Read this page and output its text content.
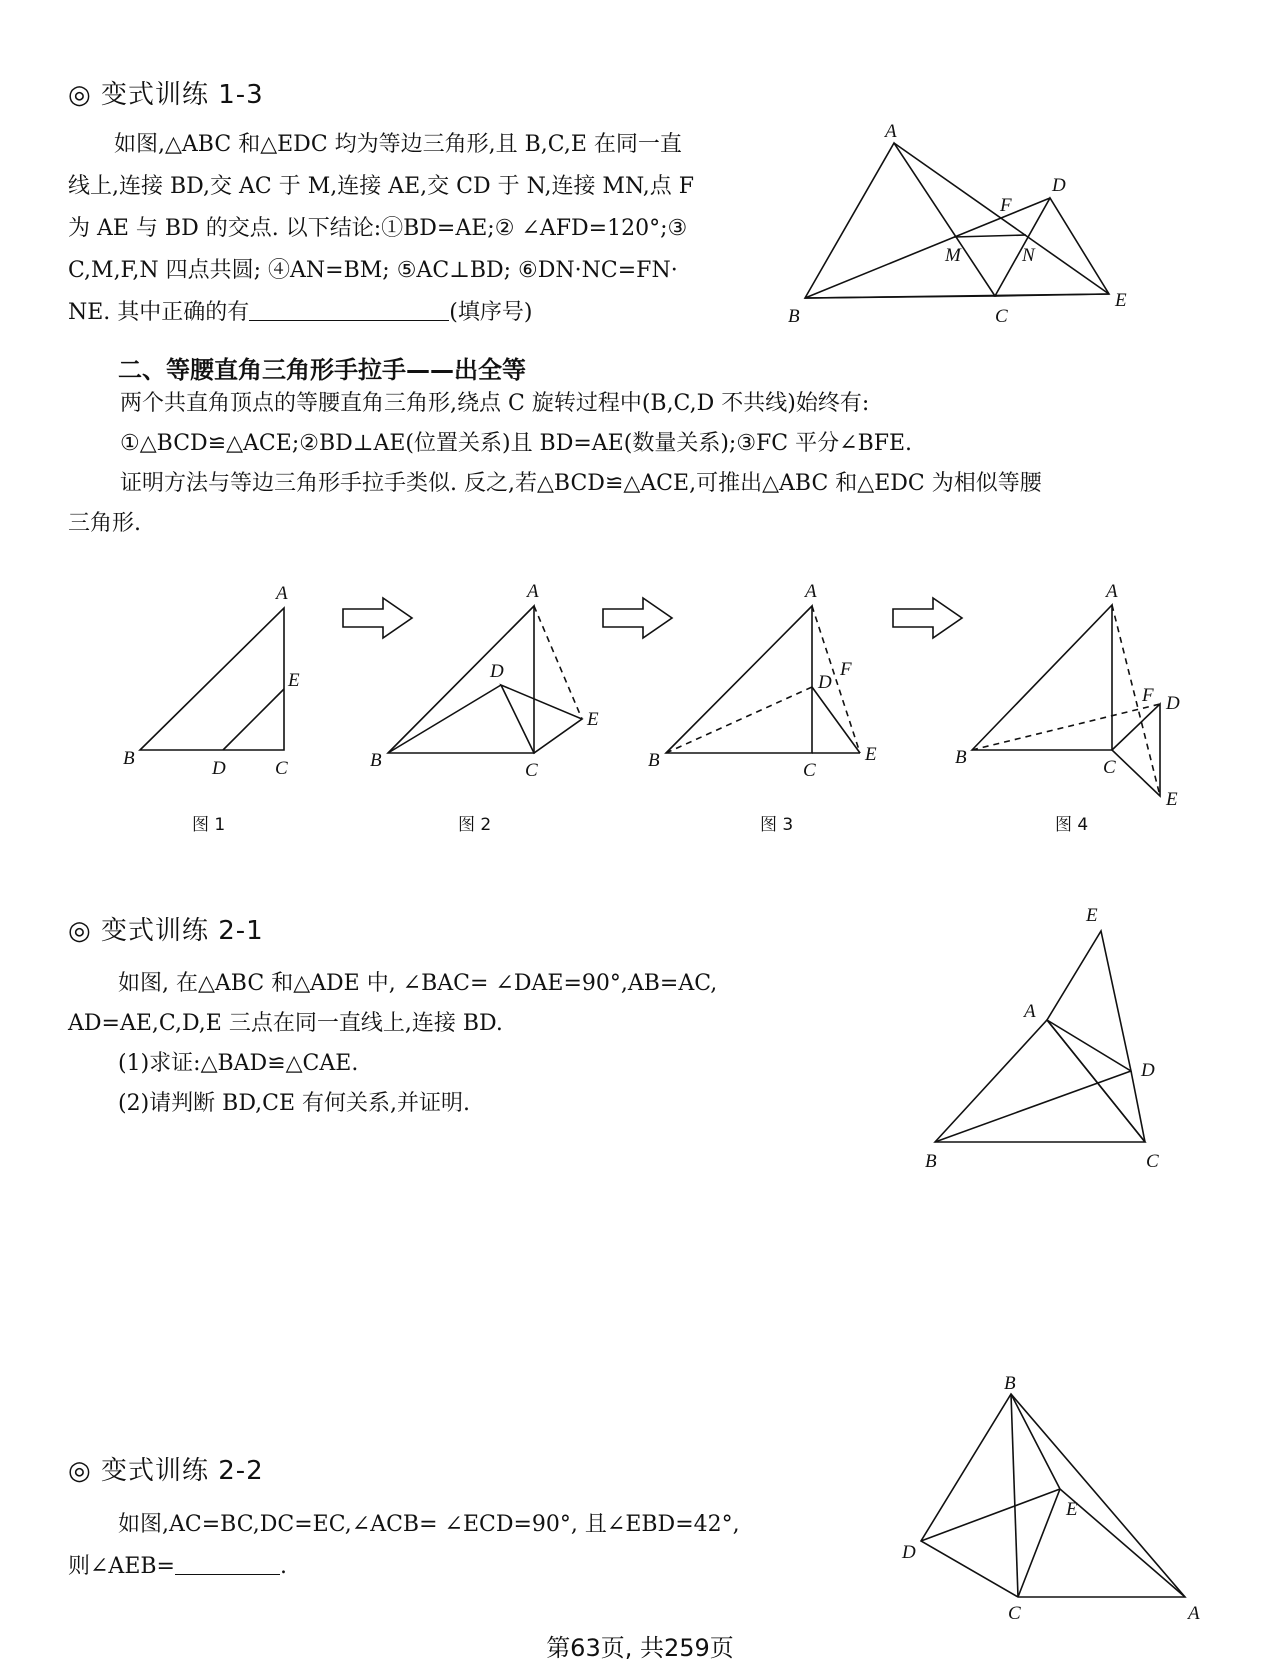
◎ 变式训练 1-3
如图,△ABC 和△EDC 均为等边三角形,且 B,C,E 在同一直
线上,连接 BD,交 AC 于 M,连接 AE,交 CD 于 N,连接 MN,点 F
为 AE 与 BD 的交点. 以下结论:①BD=AE;② ∠AFD=120°;③
C,M,F,N 四点共圆; ④AN=BM; ⑤AC⊥BD; ⑥DN·NC=FN·
NE. 其中正确的有	(填序号)
A
B	C
D
E
F
M	N
二、等腰直角三角形手拉手——出全等
两个共直角顶点的等腰直角三角形,绕点 C 旋转过程中(B,C,D 不共线)始终有:
①△BCD≌△ACE;②BD⊥AE(位置关系)且 BD=AE(数量关系);③FC 平分∠BFE.
证明方法与等边三角形手拉手类似. 反之,若△BCD≌△ACE,可推出△ABC 和△EDC 为相似等腰
三角形.
A
B	D	C
E
图 1
A
B	C
D
E
图 2
A
B	C
D
F
E
图 3
A
B	C
F D
E
图 4
◎ 变式训练 2-1
如图, 在△ABC 和△ADE 中, ∠BAC= ∠DAE=90°,AB=AC,
AD=AE,C,D,E 三点在同一直线上,连接 BD.
(1)求证:△BAD≌△CAE.
(2)请判断 BD,CE 有何关系,并证明.
A
B	C
D
E
◎ 变式训练 2-2
如图,AC=BC,DC=EC,∠ACB= ∠ECD=90°, 且∠EBD=42°,
则∠AEB=	.
B
D
E
C	A
第63页, 共259页
